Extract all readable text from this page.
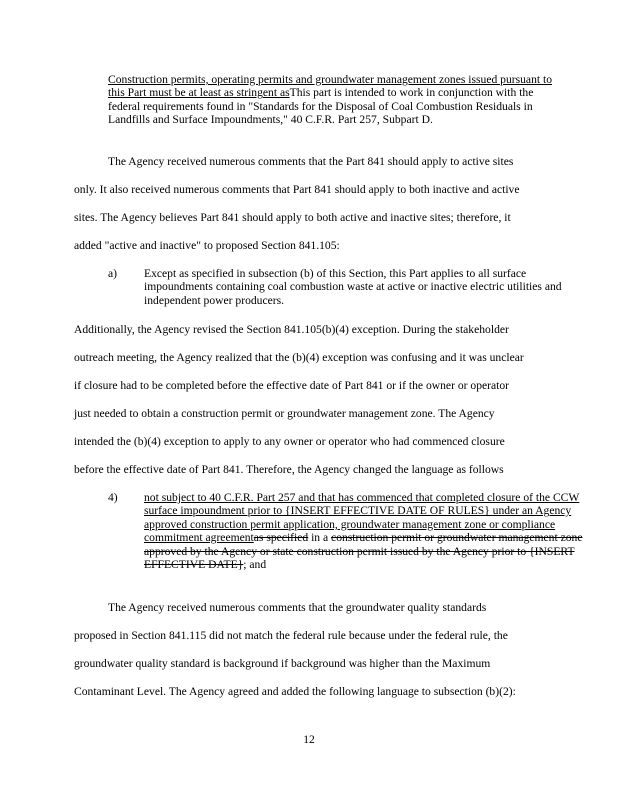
Construction permits, operating permits and groundwater management zones issued pursuant to this Part must be at least as stringent asThis part is intended to work in conjunction with the federal requirements found in "Standards for the Disposal of Coal Combustion Residuals in Landfills and Surface Impoundments," 40 C.F.R. Part 257, Subpart D.
The Agency received numerous comments that the Part 841 should apply to active sites
only. It also received numerous comments that Part 841 should apply to both inactive and active
sites. The Agency believes Part 841 should apply to both active and inactive sites; therefore, it
added "active and inactive" to proposed Section 841.105:
a) Except as specified in subsection (b) of this Section, this Part applies to all surface impoundments containing coal combustion waste at active or inactive electric utilities and independent power producers.
Additionally, the Agency revised the Section 841.105(b)(4) exception. During the stakeholder
outreach meeting, the Agency realized that the (b)(4) exception was confusing and it was unclear
if closure had to be completed before the effective date of Part 841 or if the owner or operator
just needed to obtain a construction permit or groundwater management zone. The Agency
intended the (b)(4) exception to apply to any owner or operator who had commenced closure
before the effective date of Part 841. Therefore, the Agency changed the language as follows
4) not subject to 40 C.F.R. Part 257 and that has commenced that completed closure of the CCW surface impoundment prior to {INSERT EFFECTIVE DATE OF RULES} under an Agency approved construction permit application, groundwater management zone or compliance commitment agreementas specified in a construction permit or groundwater management zone approved by the Agency or state construction permit issued by the Agency prior to {INSERT EFFECTIVE DATE}; and
The Agency received numerous comments that the groundwater quality standards
proposed in Section 841.115 did not match the federal rule because under the federal rule, the
groundwater quality standard is background if background was higher than the Maximum
Contaminant Level. The Agency agreed and added the following language to subsection (b)(2):
12
